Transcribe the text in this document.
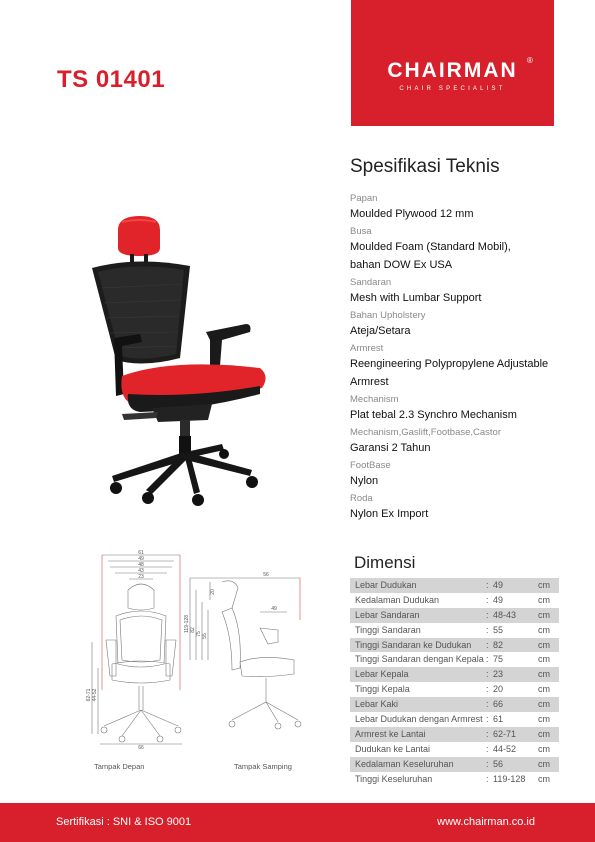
TS 01401	CHAIRMAN	®
CHAIR SPECIALIST
Spesifikasi Teknis
Papan
Moulded Plywood 12 mm
Busa
Moulded Foam (Standard Mobil), bahan DOW Ex USA
Sandaran
Mesh with Lumbar Support
Bahan Upholstery
Ateja/Setara
Armrest
Reengineering Polypropylene Adjustable Armrest
Mechanism
Plat tebal 2.3 Synchro Mechanism
Mechanism,Gaslift,Footbase,Castor
Garansi 2 Tahun
FootBase
Nylon
Roda
Nylon Ex Import
61
49
48
43
23
66
62-71 44-52
56
49
119-128 82
75 55
20
Tampak Depan	Tampak Samping
Dimensi
Lebar Dudukan	: 49	cm
Kedalaman Dudukan	: 49	cm
Lebar Sandaran	: 48-43 cm
Tinggi Sandaran	: 55	cm
Tinggi Sandaran ke Dudukan : 82	cm
Tinggi Sandaran dengan Kepala : 75	cm
Lebar Kepala	: 23	cm
Tinggi Kepala	: 20	cm
Lebar Kaki	: 66	cm
Lebar Dudukan dengan Armrest : 61	cm
Armrest ke Lantai	: 62-71 cm
Dudukan ke Lantai	: 44-52 cm
Kedalaman Keseluruhan	: 56	cm
Tinggi Keseluruhan	: 119-128 cm
Sertifikasi : SNI & ISO 9001	www.chairman.co.id
